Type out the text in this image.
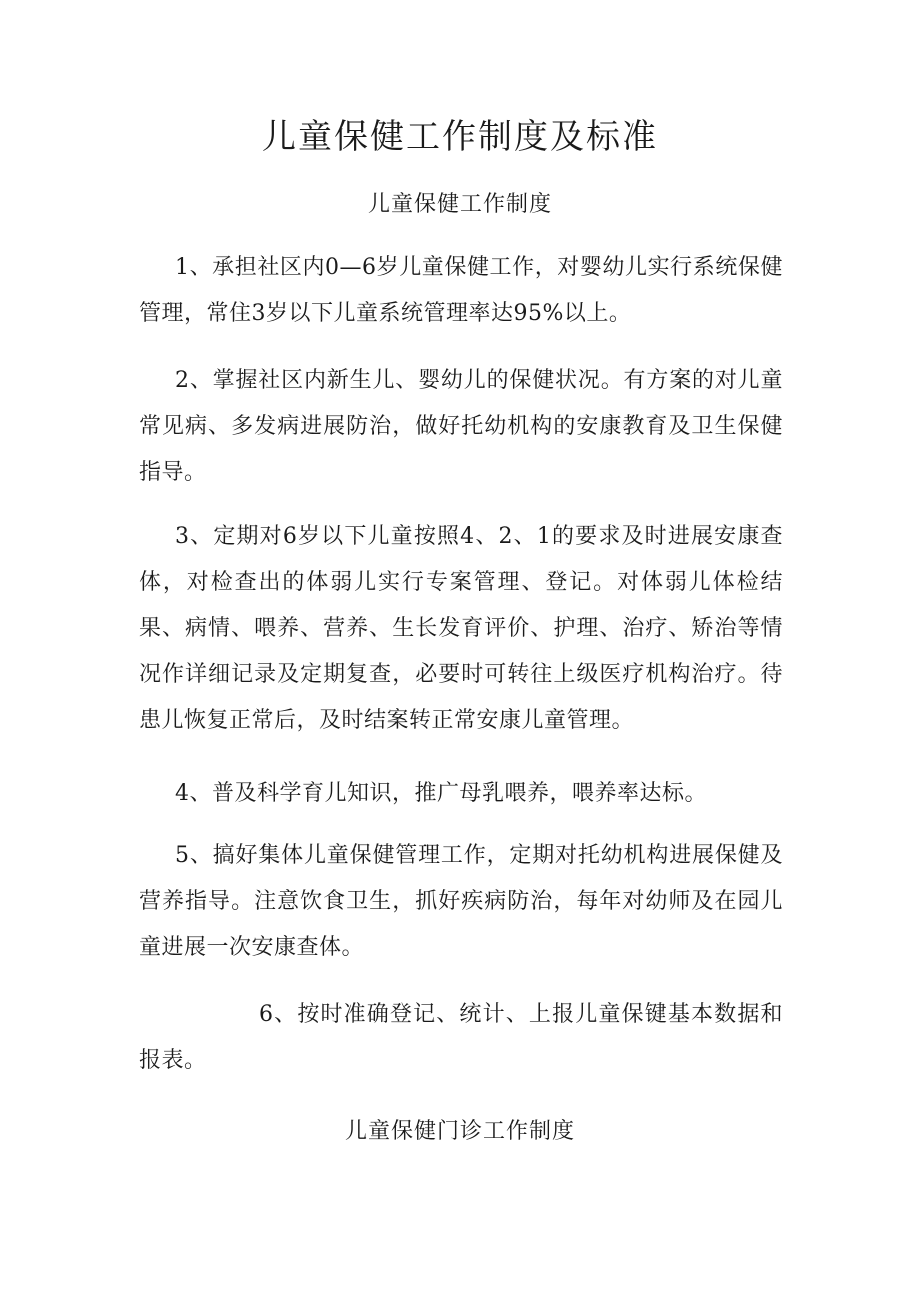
儿童保健工作制度及标准
儿童保健工作制度
1、承担社区内0—6岁儿童保健工作，对婴幼儿实行系统保健管理，常住3岁以下儿童系统管理率达95%以上。
2、掌握社区内新生儿、婴幼儿的保健状况。有方案的对儿童常见病、多发病进展防治，做好托幼机构的安康教育及卫生保健指导。
3、定期对6岁以下儿童按照4、2、1的要求及时进展安康查体，对检查出的体弱儿实行专案管理、登记。对体弱儿体检结果、病情、喂养、营养、生长发育评价、护理、治疗、矫治等情况作详细记录及定期复查，必要时可转往上级医疗机构治疗。待患儿恢复正常后，及时结案转正常安康儿童管理。
4、普及科学育儿知识，推广母乳喂养，喂养率达标。
5、搞好集体儿童保健管理工作，定期对托幼机构进展保健及营养指导。注意饮食卫生，抓好疾病防治，每年对幼师及在园儿童进展一次安康查体。
6、按时准确登记、统计、上报儿童保键基本数据和报表。
儿童保健门诊工作制度
